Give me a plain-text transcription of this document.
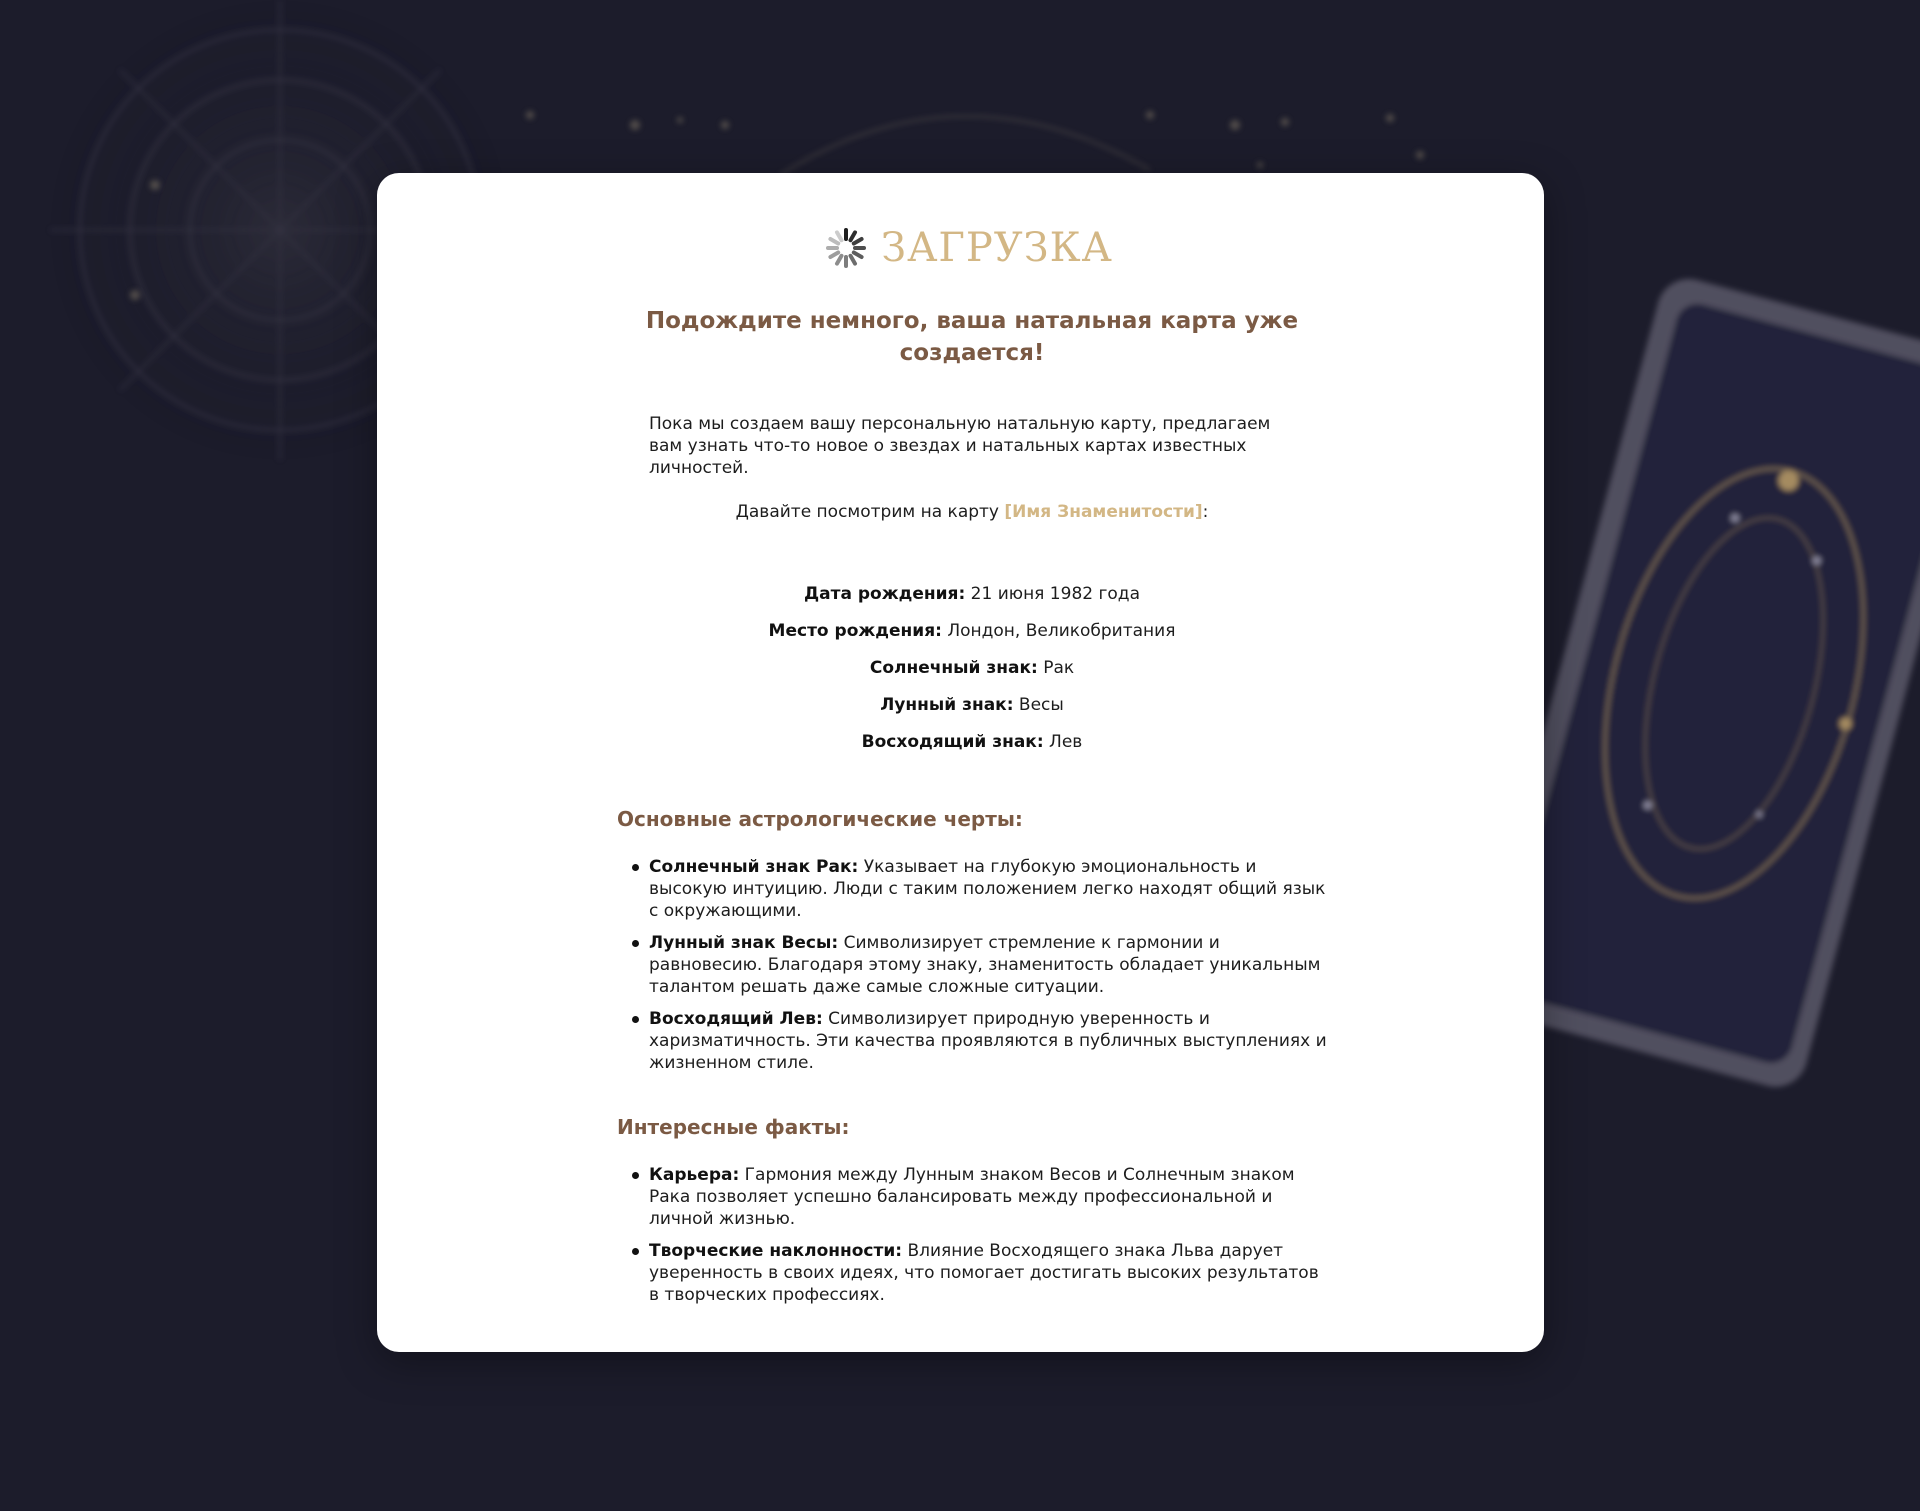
ЗАГРУЗКА
Подождите немного, ваша натальная карта уже создается!

Пока мы создаем вашу персональную натальную карту, предлагаем вам узнать что-то новое о звездах и натальных картах известных личностей.

Давайте посмотрим на карту [Имя Знаменитости]:

Дата рождения: 21 июня 1982 года
Место рождения: Лондон, Великобритания
Солнечный знак: Рак
Лунный знак: Весы
Восходящий знак: Лев
Основные астрологические черты:
Солнечный знак Рак: Указывает на глубокую эмоциональность и высокую интуицию. Люди с таким положением легко находят общий язык с окружающими.
Лунный знак Весы: Символизирует стремление к гармонии и равновесию. Благодаря этому знаку, знаменитость обладает уникальным талантом решать даже самые сложные ситуации.
Восходящий Лев: Символизирует природную уверенность и харизматичность. Эти качества проявляются в публичных выступлениях и жизненном стиле.
Интересные факты:
Карьера: Гармония между Лунным знаком Весов и Солнечным знаком Рака позволяет успешно балансировать между профессиональной и личной жизнью.
Творческие наклонности: Влияние Восходящего знака Льва дарует уверенность в своих идеях, что помогает достигать высоких результатов в творческих профессиях.
